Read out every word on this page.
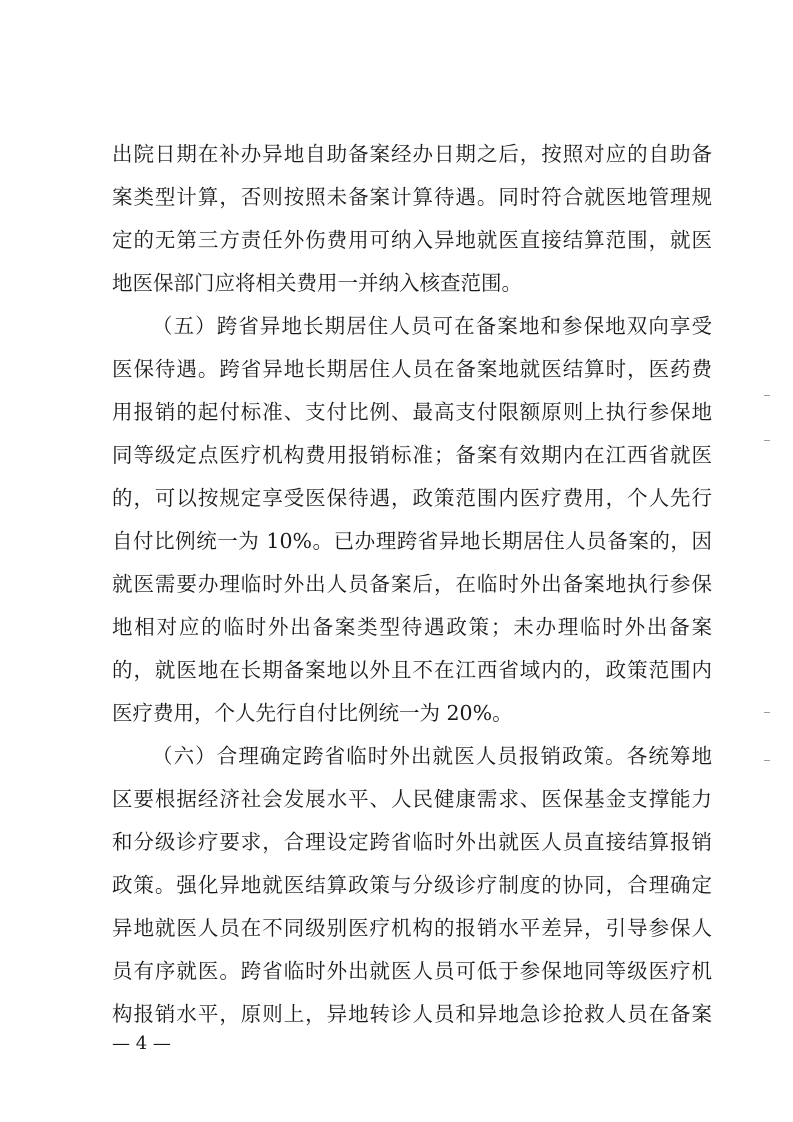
出院日期在补办异地自助备案经办日期之后，按照对应的自助备
案类型计算，否则按照未备案计算待遇。同时符合就医地管理规
定的无第三方责任外伤费用可纳入异地就医直接结算范围，就医
地医保部门应将相关费用一并纳入核查范围。
（五）跨省异地长期居住人员可在备案地和参保地双向享受
医保待遇。跨省异地长期居住人员在备案地就医结算时，医药费
用报销的起付标准、支付比例、最高支付限额原则上执行参保地
同等级定点医疗机构费用报销标准；备案有效期内在江西省就医
的，可以按规定享受医保待遇，政策范围内医疗费用，个人先行
自付比例统一为 10%。已办理跨省异地长期居住人员备案的，因
就医需要办理临时外出人员备案后，在临时外出备案地执行参保
地相对应的临时外出备案类型待遇政策；未办理临时外出备案
的，就医地在长期备案地以外且不在江西省域内的，政策范围内
医疗费用，个人先行自付比例统一为 20%。
（六）合理确定跨省临时外出就医人员报销政策。各统筹地
区要根据经济社会发展水平、人民健康需求、医保基金支撑能力
和分级诊疗要求，合理设定跨省临时外出就医人员直接结算报销
政策。强化异地就医结算政策与分级诊疗制度的协同，合理确定
异地就医人员在不同级别医疗机构的报销水平差异，引导参保人
员有序就医。跨省临时外出就医人员可低于参保地同等级医疗机
构报销水平，原则上，异地转诊人员和异地急诊抢救人员在备案
— 4 —
